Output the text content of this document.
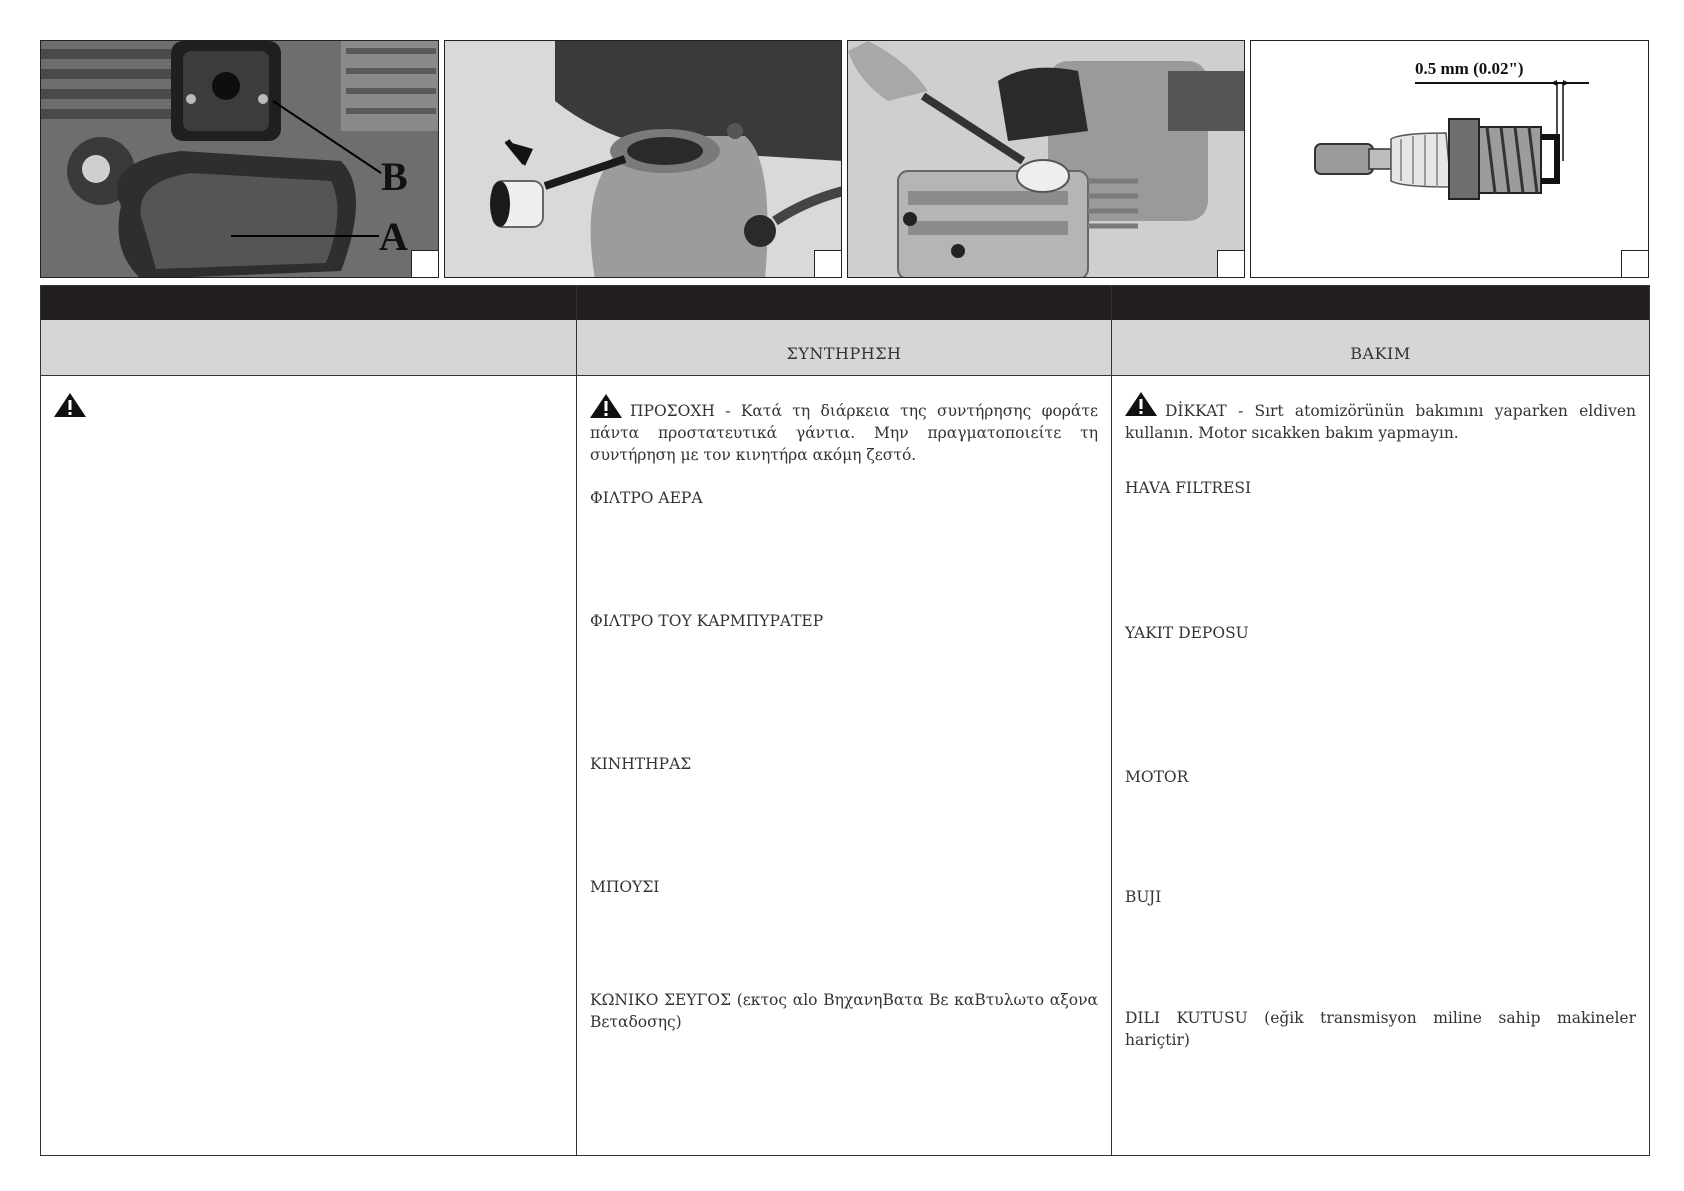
B
A
0.5 mm (0.02")
ΣΥΝΤΗΡΗΣΗ
ΠΡΟΣΟΧΗ - Κατά τη διάρκεια της συντήρησης φοράτε πάντα προστατευτικά γάντια. Μην πραγματοποιείτε τη συντήρηση με τον κινητήρα ακόμη ζεστό.
ΦΙΛΤΡΟ ΑΕΡΑ
ΦΙΛΤΡΟ ΤΟΥ ΚΑΡΜΠΥΡΑΤΕΡ
ΚΙΝΗΤΗΡΑΣ
ΜΠΟΥΣΙ
ΚΩΝΙΚΟ ΣΕΥΓΟΣ (εκτος αlο ΒηχανηΒατα Βε καΒτυλωτο αξονα Βεταδοσης)
BAKIM
DİKKAT - Sırt atomizörünün bakımını yaparken eldiven kullanın. Motor sıcakken bakım yapmayın.
HAVA FILTRESI
YAKIT DEPOSU
MOTOR
BUJI
DILI KUTUSU (eğik transmisyon miline sahip makineler hariçtir)
